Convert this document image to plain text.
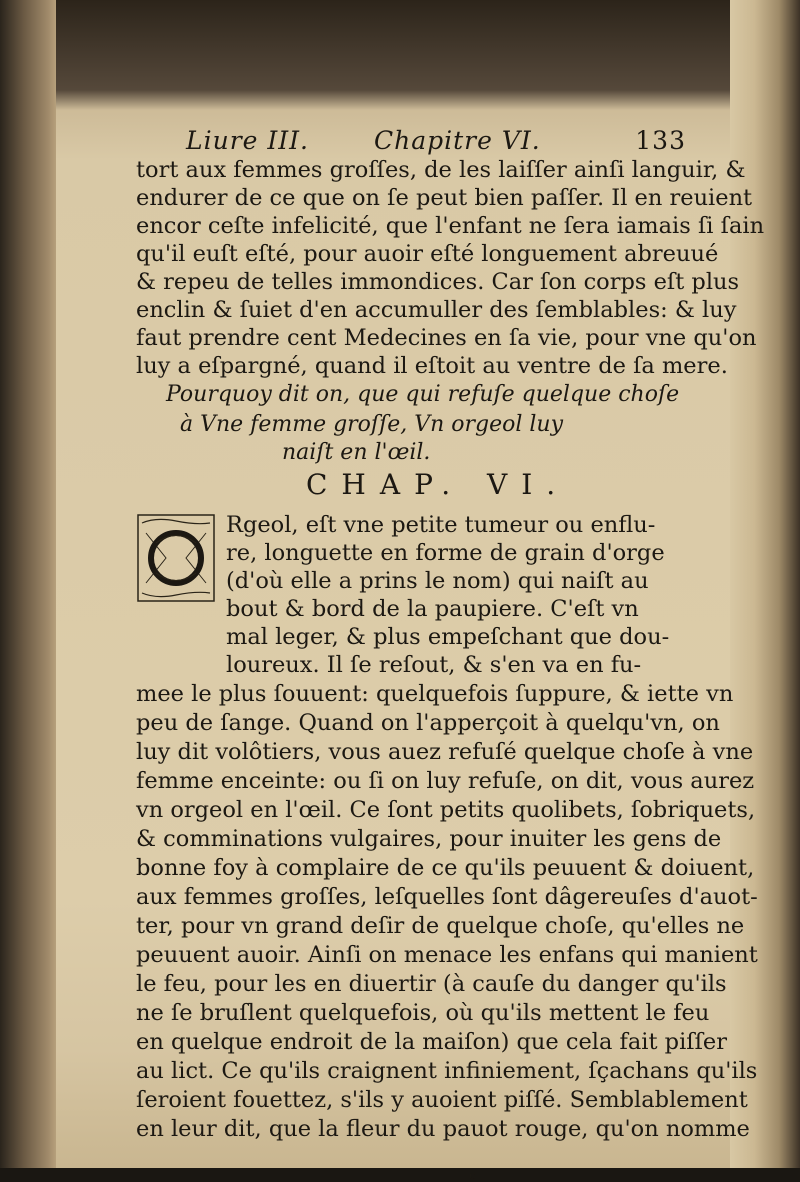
Liure III.	Chapitre VI.	133
tort aux femmes groſſes, de les laiſſer ainſi languir, &
endurer de ce que on ſe peut bien paſſer. Il en reuient
encor ceſte infelicité, que l'enfant ne ſera iamais ſi ſain
qu'il euſt eſté, pour auoir eſté longuement abreuué
& repeu de telles immondices. Car ſon corps eſt plus
enclin & ſuiet d'en accumuller des ſemblables: & luy
faut prendre cent Medecines en ſa vie, pour vne qu'on
luy a eſpargné, quand il eſtoit au ventre de ſa mere.
Pourquoy dit on, que qui refuſe quelque choſe
à Vne femme groſſe, Vn orgeol luy
naiſt en l'œil.
CHAP. VI.
Rgeol, eſt vne petite tumeur ou enflu-
re, longuette en forme de grain d'orge
(d'où elle a prins le nom) qui naiſt au
bout & bord de la paupiere. C'eſt vn
mal leger, & plus empeſchant que dou-
loureux. Il ſe reſout, & s'en va en fu-
mee le plus ſouuent: quelquefois ſuppure, & iette vn
peu de ſange. Quand on l'apperçoit à quelqu'vn, on
luy dit volôtiers, vous auez refuſé quelque choſe à vne
femme enceinte: ou ſi on luy refuſe, on dit, vous aurez
vn orgeol en l'œil. Ce ſont petits quolibets, ſobriquets,
& comminations vulgaires, pour inuiter les gens de
bonne foy à complaire de ce qu'ils peuuent & doiuent,
aux femmes groſſes, leſquelles ſont dâgereuſes d'auot-
ter, pour vn grand deſir de quelque choſe, qu'elles ne
peuuent auoir. Ainſi on menace les enfans qui manient
le feu, pour les en diuertir (à cauſe du danger qu'ils
ne ſe bruſlent quelquefois, où qu'ils mettent le feu
en quelque endroit de la maiſon) que cela fait piſſer
au lict. Ce qu'ils craignent infiniement, ſçachans qu'ils
ſeroient fouettez, s'ils y auoient piſſé. Semblablement
en leur dit, que la fleur du pauot rouge, qu'on nomme
c
